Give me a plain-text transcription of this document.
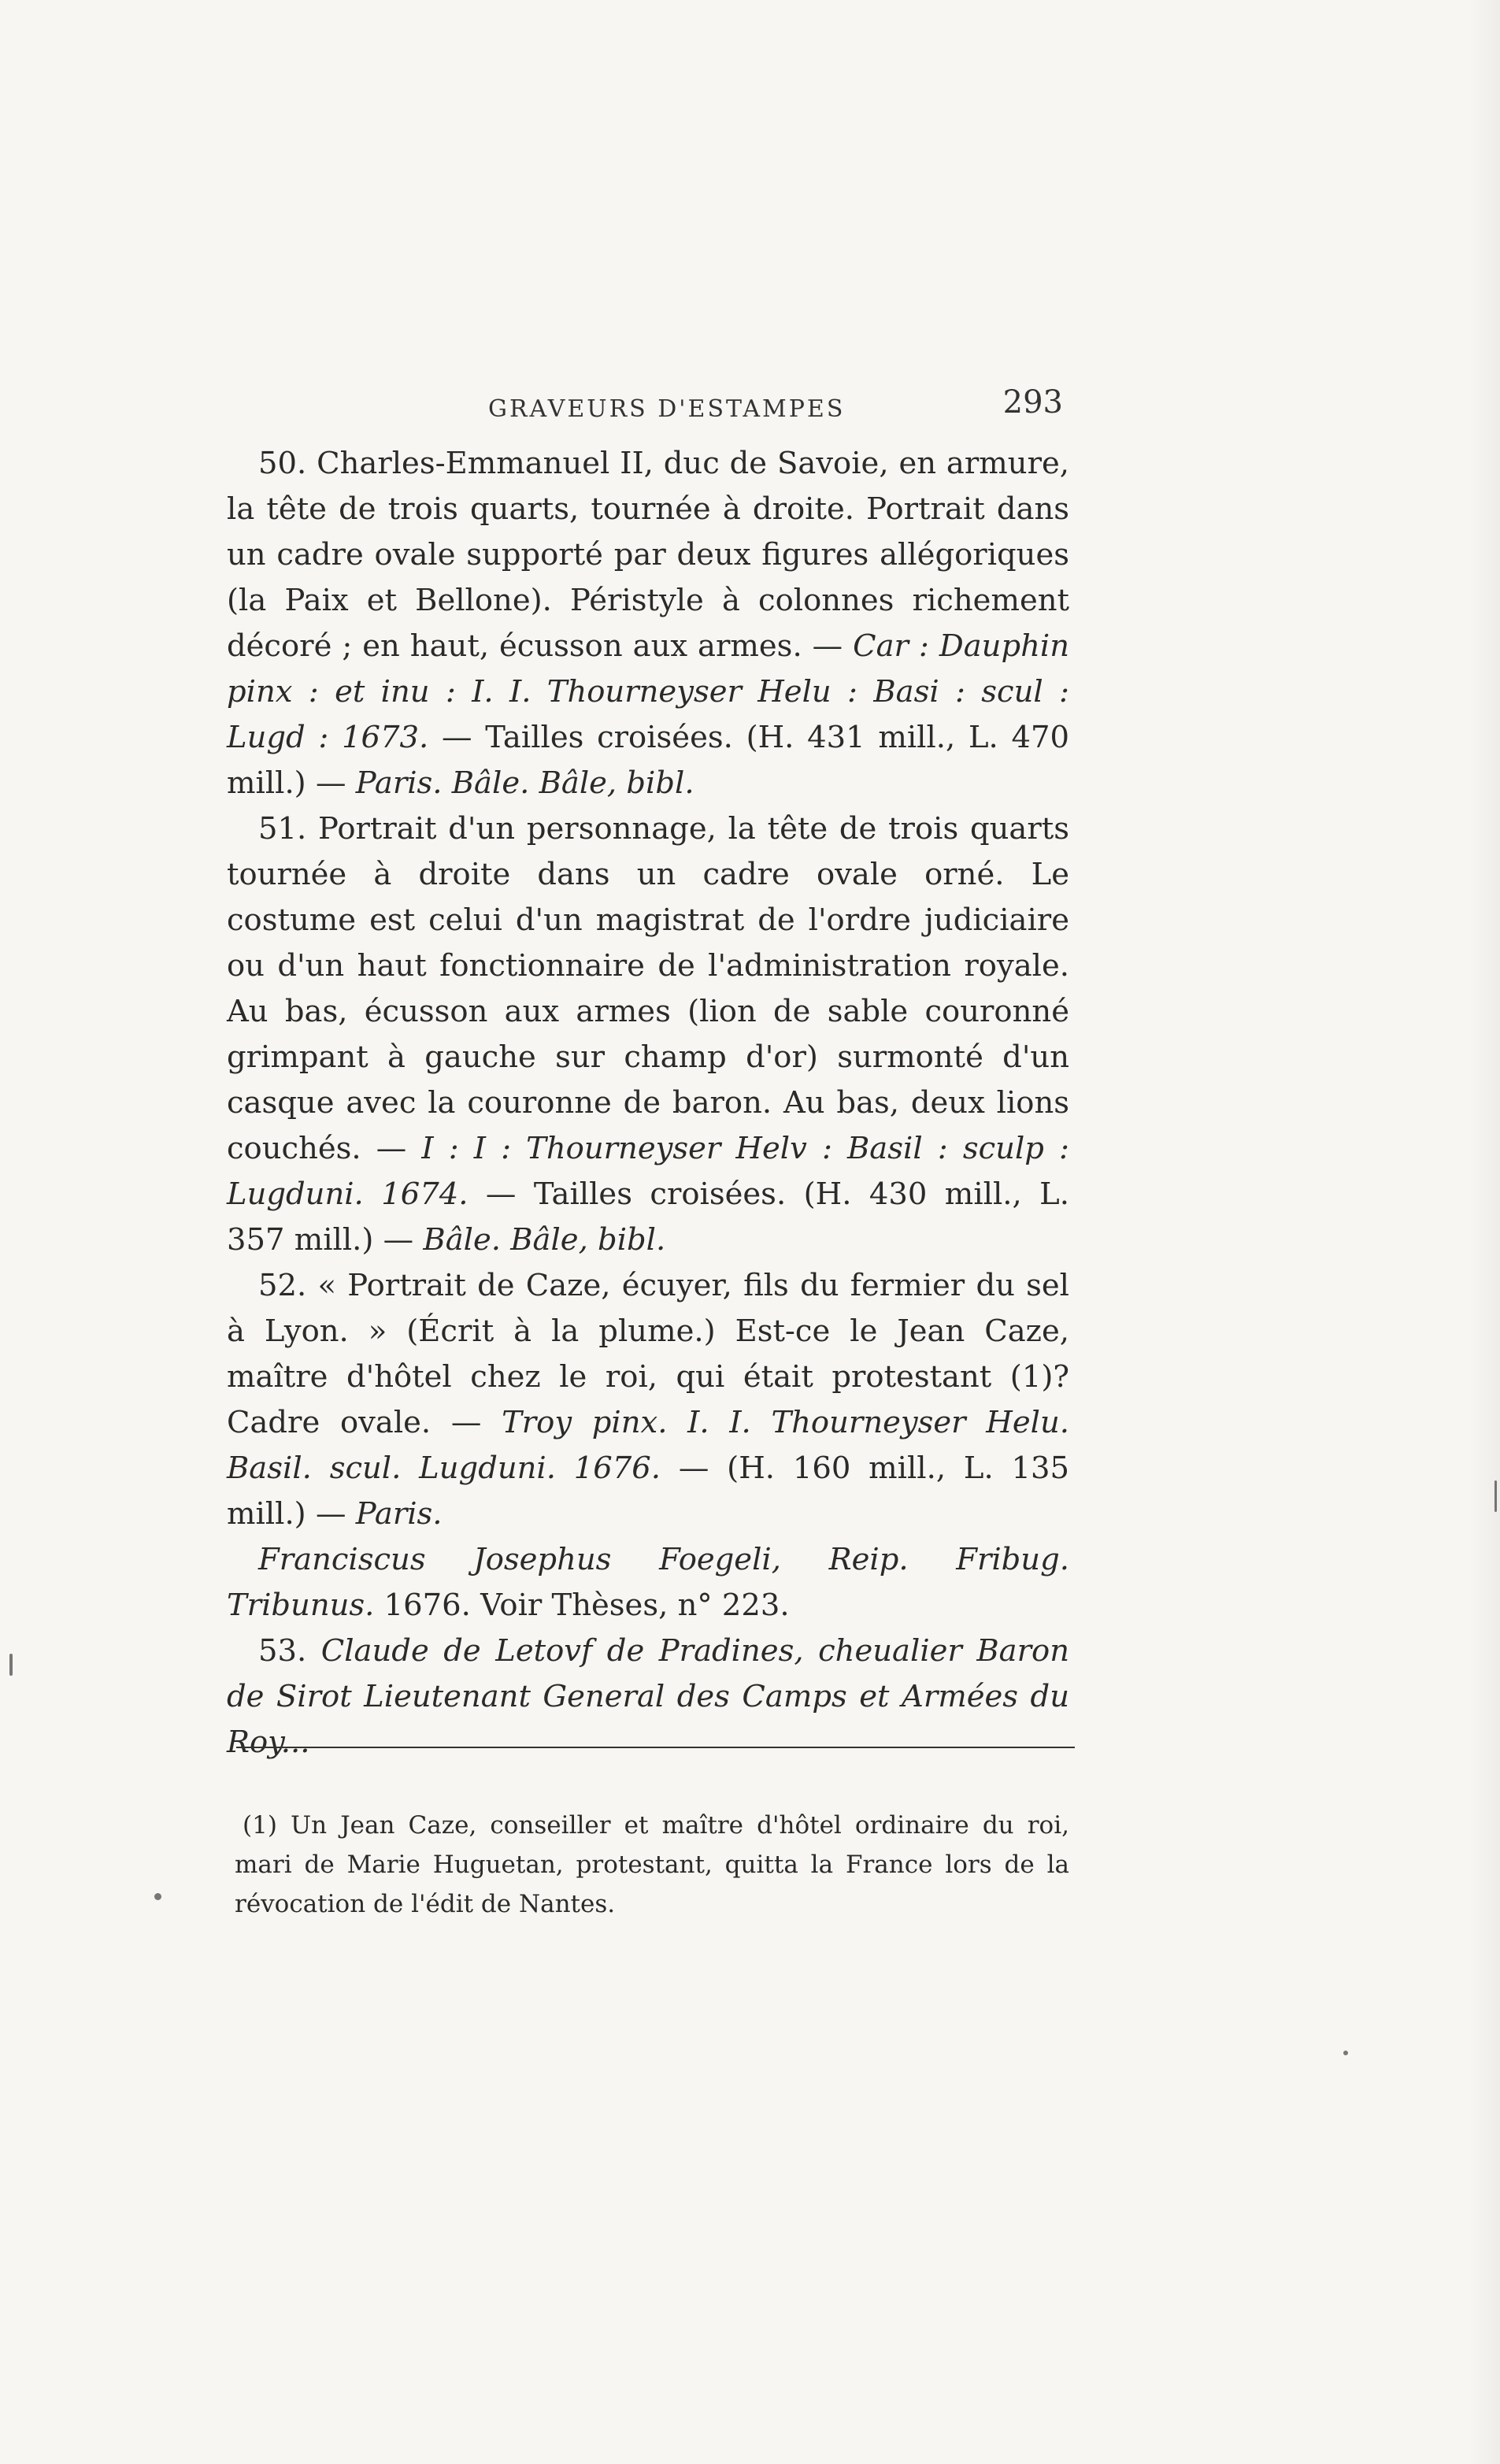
GRAVEURS D'ESTAMPES	293

50. Charles-Emmanuel II, duc de Savoie, en armure, la tête de trois quarts, tournée à droite. Portrait dans un cadre ovale supporté par deux figures allégoriques (la Paix et Bellone). Péristyle à colonnes richement décoré ; en haut, écusson aux armes. — Car : Dauphin pinx : et inu : I. I. Thourneyser Helu : Basi : scul : Lugd : 1673. — Tailles croisées. (H. 431 mill., L. 470 mill.) — Paris. Bâle. Bâle, bibl.

51. Portrait d'un personnage, la tête de trois quarts tournée à droite dans un cadre ovale orné. Le costume est celui d'un magistrat de l'ordre judiciaire ou d'un haut fonctionnaire de l'administration royale. Au bas, écusson aux armes (lion de sable couronné grimpant à gauche sur champ d'or) surmonté d'un casque avec la couronne de baron. Au bas, deux lions couchés. — I : I : Thourneyser Helv : Basil : sculp : Lugduni. 1674. — Tailles croisées. (H. 430 mill., L. 357 mill.) — Bâle. Bâle, bibl.

52. « Portrait de Caze, écuyer, fils du fermier du sel à Lyon. » (Écrit à la plume.) Est-ce le Jean Caze, maître d'hôtel chez le roi, qui était protestant (1)? Cadre ovale. — Troy pinx. I. I. Thourneyser Helu. Basil. scul. Lugduni. 1676. — (H. 160 mill., L. 135 mill.) — Paris.

Franciscus Josephus Foegeli, Reip. Fribug. Tribunus. 1676. Voir Thèses, n° 223.

53. Claude de Letovf de Pradines, cheualier Baron de Sirot Lieutenant General des Camps et Armées du Roy...

(1) Un Jean Caze, conseiller et maître d'hôtel ordinaire du roi, mari de Marie Huguetan, protestant, quitta la France lors de la révocation de l'édit de Nantes.
